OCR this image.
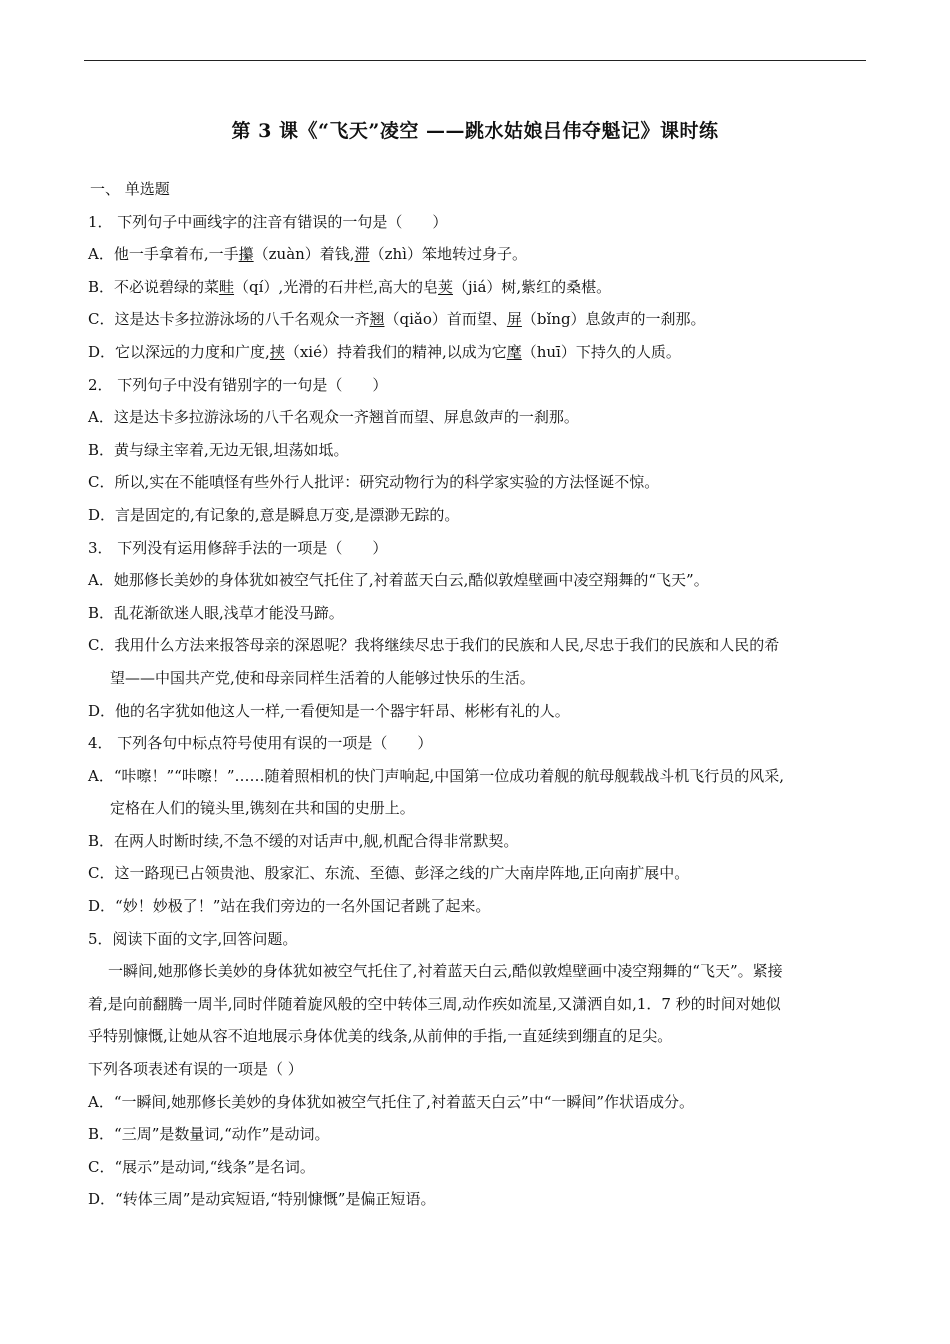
第 3 课《“飞天”凌空 ——跳水姑娘吕伟夺魁记》课时练
一、 单选题
1． 下列句子中画线字的注音有错误的一句是（　　）
A．他一手拿着布,一手攥（zuàn）着钱,滞（zhì）笨地转过身子。
B．不必说碧绿的菜畦（qí）,光滑的石井栏,高大的皂荚（jiá）树,紫红的桑椹。
C．这是达卡多拉游泳场的八千名观众一齐翘（qiǎo）首而望、屏（bǐng）息敛声的一刹那。
D．它以深远的力度和广度,挟（xié）持着我们的精神,以成为它麾（huī）下持久的人质。
2． 下列句子中没有错别字的一句是（　　）
A．这是达卡多拉游泳场的八千名观众一齐翘首而望、屏息敛声的一刹那。
B．黄与绿主宰着,无边无银,坦荡如坻。
C．所以,实在不能嗔怪有些外行人批评：研究动物行为的科学家实验的方法怪诞不惊。
D．言是固定的,有记象的,意是瞬息万变,是漂渺无踪的。
3． 下列没有运用修辞手法的一项是（　　）
A．她那修长美妙的身体犹如被空气托住了,衬着蓝天白云,酷似敦煌壁画中凌空翔舞的“飞天”。
B．乱花渐欲迷人眼,浅草才能没马蹄。
C．我用什么方法来报答母亲的深恩呢？我将继续尽忠于我们的民族和人民,尽忠于我们的民族和人民的希
望——中国共产党,使和母亲同样生活着的人能够过快乐的生活。
D．他的名字犹如他这人一样,一看便知是一个器宇轩昂、彬彬有礼的人。
4． 下列各句中标点符号使用有误的一项是（　　）
A．“咔嚓！”“咔嚓！”……随着照相机的快门声响起,中国第一位成功着舰的航母舰载战斗机飞行员的风采,
定格在人们的镜头里,镌刻在共和国的史册上。
B．在两人时断时续,不急不缓的对话声中,舰,机配合得非常默契。
C．这一路现已占领贵池、殷家汇、东流、至德、彭泽之线的广大南岸阵地,正向南扩展中。
D．“妙！妙极了！”站在我们旁边的一名外国记者跳了起来。
5．阅读下面的文字,回答问题。
一瞬间,她那修长美妙的身体犹如被空气托住了,衬着蓝天白云,酷似敦煌壁画中凌空翔舞的“飞天”。紧接
着,是向前翻腾一周半,同时伴随着旋风般的空中转体三周,动作疾如流星,又潇洒自如,1．7 秒的时间对她似
乎特别慷慨,让她从容不迫地展示身体优美的线条,从前伸的手指,一直延续到绷直的足尖。
下列各项表述有误的一项是（ ）
A．“一瞬间,她那修长美妙的身体犹如被空气托住了,衬着蓝天白云”中“一瞬间”作状语成分。
B．“三周”是数量词,“动作”是动词。
C．“展示”是动词,“线条”是名词。
D．“转体三周”是动宾短语,“特别慷慨”是偏正短语。
